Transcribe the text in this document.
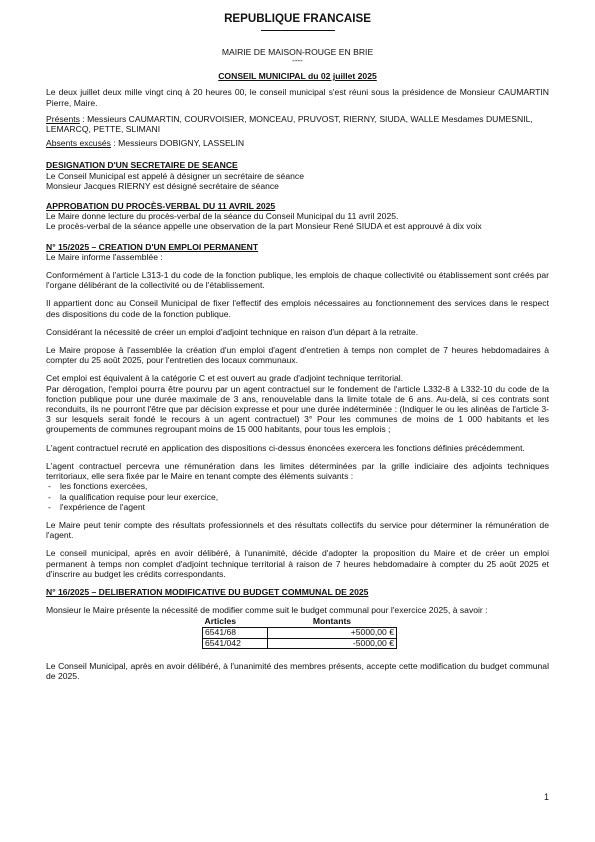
REPUBLIQUE FRANCAISE
MAIRIE DE MAISON-ROUGE EN BRIE
----
CONSEIL MUNICIPAL du 02 juillet 2025

Le deux juillet deux mille vingt cinq à 20 heures 00, le conseil municipal s'est réuni sous la présidence de Monsieur CAUMARTIN Pierre, Maire.

Présents : Messieurs CAUMARTIN, COURVOISIER, MONCEAU, PRUVOST, RIERNY, SIUDA, WALLE Mesdames DUMESNIL, LEMARCQ, PETTE, SLIMANI

Absents excusés : Messieurs DOBIGNY, LASSELIN

DESIGNATION D'UN SECRETAIRE DE SEANCE

Le Conseil Municipal est appelé à désigner un secrétaire de séance

Monsieur Jacques RIERNY est désigné secrétaire de séance

APPROBATION DU PROCÈS-VERBAL DU 11 AVRIL 2025

Le Maire donne lecture du procès-verbal de la séance du Conseil Municipal du 11 avril 2025.

Le procès-verbal de la séance appelle une observation de la part Monsieur René SIUDA et est approuvé à dix voix

N° 15/2025 – CREATION D'UN EMPLOI PERMANENT

Le Maire informe l'assemblée :

Conformément à l'article L313-1 du code de la fonction publique, les emplois de chaque collectivité ou établissement sont créés par l'organe délibérant de la collectivité ou de l'établissement.

Il appartient donc au Conseil Municipal de fixer l'effectif des emplois nécessaires au fonctionnement des services dans le respect des dispositions du code de la fonction publique.

Considérant la nécessité de créer un emploi d'adjoint technique en raison d'un départ à la retraite.

Le Maire propose à l'assemblée la création d'un emploi d'agent d'entretien à temps non complet de 7 heures hebdomadaires à compter du 25 août 2025, pour l'entretien des locaux communaux.

Cet emploi est équivalent à la catégorie C et est ouvert au grade d'adjoint technique territorial.

Par dérogation, l'emploi pourra être pourvu par un agent contractuel sur le fondement de l'article L332-8 à L332-10 du code de la fonction publique pour une durée maximale de 3 ans, renouvelable dans la limite totale de 6 ans. Au-delà, si ces contrats sont reconduits, ils ne pourront l'être que par décision expresse et pour une durée indéterminée : (Indiquer le ou les alinéas de l'article 3-3 sur lesquels serait fondé le recours à un agent contractuel) 3° Pour les communes de moins de 1 000 habitants et les groupements de communes regroupant moins de 15 000 habitants, pour tous les emplois ;

L'agent contractuel recruté en application des dispositions ci-dessus énoncées exercera les fonctions définies précédemment.

L'agent contractuel percevra une rémunération dans les limites déterminées par la grille indiciaire des adjoints techniques territoriaux, elle sera fixée par le Maire en tenant compte des éléments suivants :

- les fonctions exercées,
- la qualification requise pour leur exercice,
- l'expérience de l'agent

Le Maire peut tenir compte des résultats professionnels et des résultats collectifs du service pour déterminer la rémunération de l'agent.

Le conseil municipal, après en avoir délibéré, à l'unanimité, décide d'adopter la proposition du Maire et de créer un emploi permanent à temps non complet d'adjoint technique territorial à raison de 7 heures hebdomadaire à compter du 25 août 2025 et d'inscrire au budget les crédits correspondants.

N° 16/2025 – DELIBERATION MODIFICATIVE DU BUDGET COMMUNAL DE 2025

Monsieur le Maire présente la nécessité de modifier comme suit le budget communal pour l'exercice 2025, à savoir :

Articles	Montants
6541/68	+5000,00 €
6541/042	-5000,00 €

Le Conseil Municipal, après en avoir délibéré, à l'unanimité des membres présents, accepte cette modification du budget communal de 2025.

1
